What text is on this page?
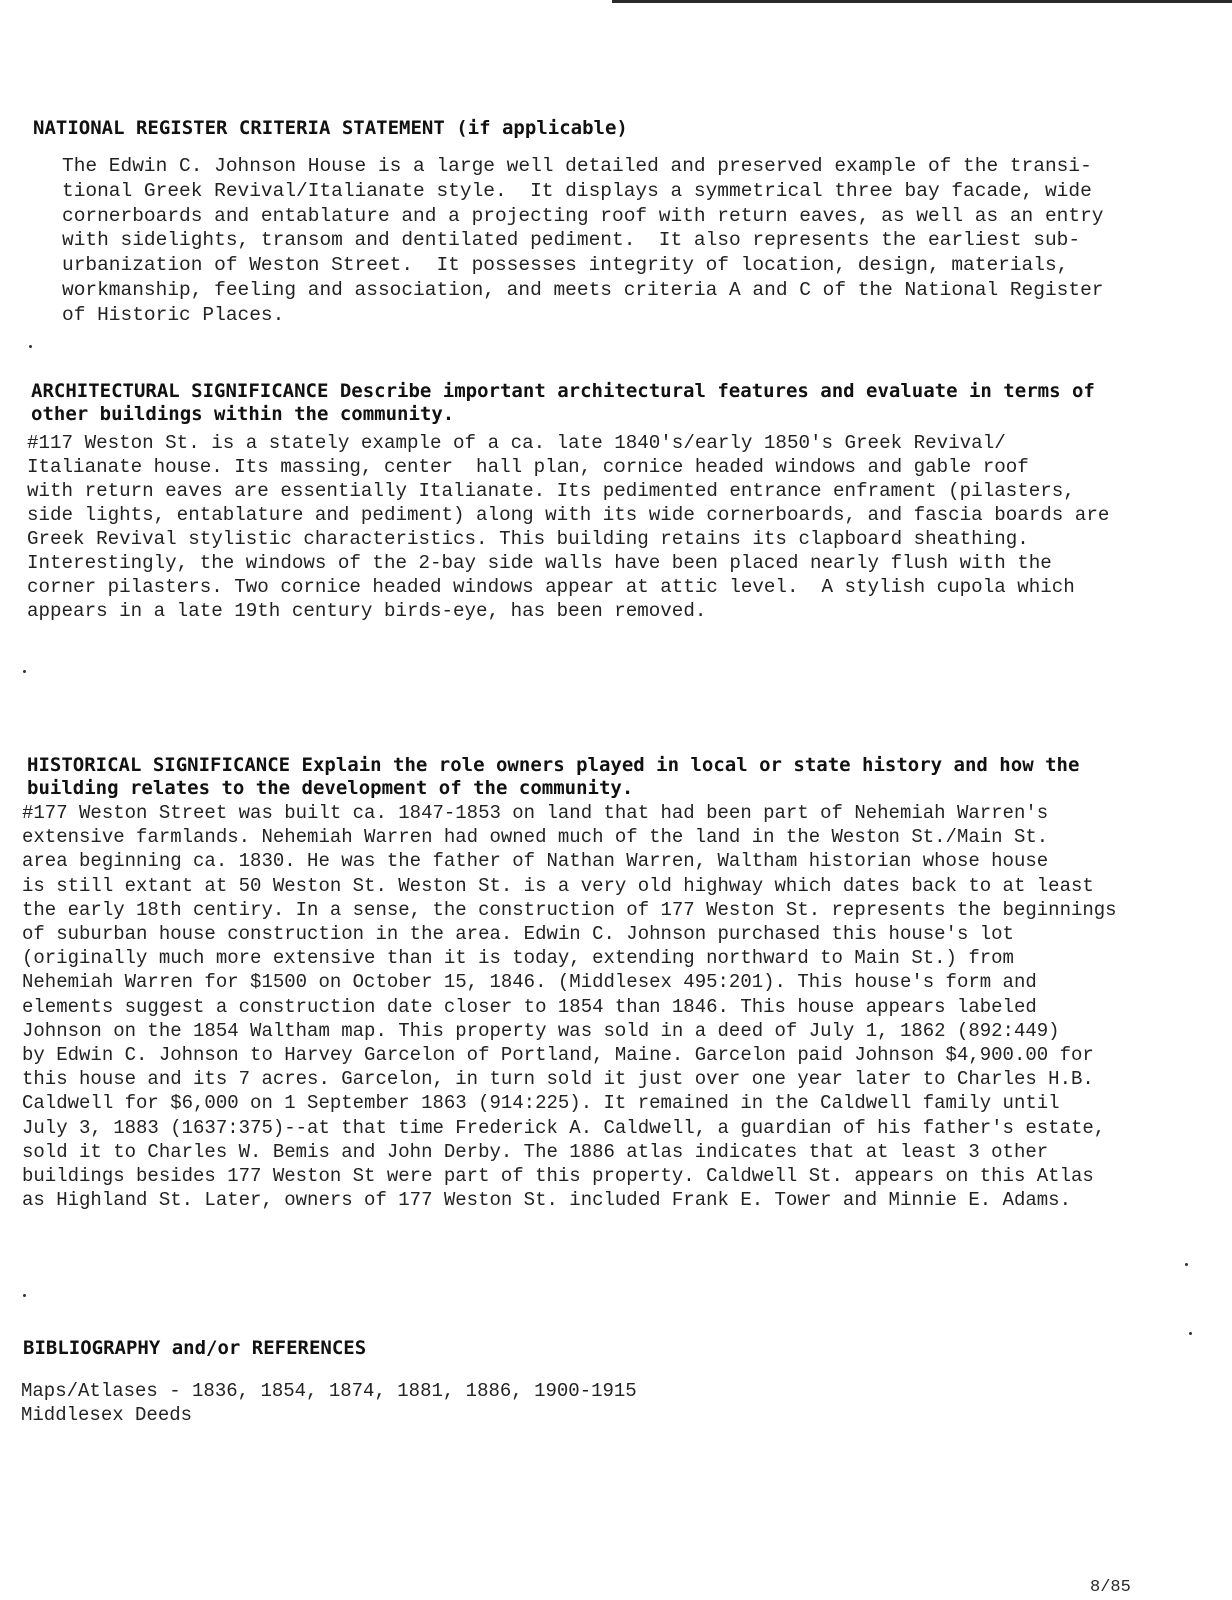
NATIONAL REGISTER CRITERIA STATEMENT (if applicable)
The Edwin C. Johnson House is a large well detailed and preserved example of the transi-
tional Greek Revival/Italianate style.  It displays a symmetrical three bay facade, wide
cornerboards and entablature and a projecting roof with return eaves, as well as an entry
with sidelights, transom and dentilated pediment.  It also represents the earliest sub-
urbanization of Weston Street.  It possesses integrity of location, design, materials,
workmanship, feeling and association, and meets criteria A and C of the National Register
of Historic Places.
ARCHITECTURAL SIGNIFICANCE Describe important architectural features and evaluate in terms of
other buildings within the community.
#117 Weston St. is a stately example of a ca. late 1840's/early 1850's Greek Revival/
Italianate house. Its massing, center  hall plan, cornice headed windows and gable roof
with return eaves are essentially Italianate. Its pedimented entrance enframent (pilasters,
side lights, entablature and pediment) along with its wide cornerboards, and fascia boards are
Greek Revival stylistic characteristics. This building retains its clapboard sheathing.
Interestingly, the windows of the 2-bay side walls have been placed nearly flush with the
corner pilasters. Two cornice headed windows appear at attic level.  A stylish cupola which
appears in a late 19th century birds-eye, has been removed.
HISTORICAL SIGNIFICANCE Explain the role owners played in local or state history and how the
building relates to the development of the community.
#177 Weston Street was built ca. 1847-1853 on land that had been part of Nehemiah Warren's
extensive farmlands. Nehemiah Warren had owned much of the land in the Weston St./Main St.
area beginning ca. 1830. He was the father of Nathan Warren, Waltham historian whose house
is still extant at 50 Weston St. Weston St. is a very old highway which dates back to at least
the early 18th centiry. In a sense, the construction of 177 Weston St. represents the beginnings
of suburban house construction in the area. Edwin C. Johnson purchased this house's lot
(originally much more extensive than it is today, extending northward to Main St.) from
Nehemiah Warren for $1500 on October 15, 1846. (Middlesex 495:201). This house's form and
elements suggest a construction date closer to 1854 than 1846. This house appears labeled
Johnson on the 1854 Waltham map. This property was sold in a deed of July 1, 1862 (892:449)
by Edwin C. Johnson to Harvey Garcelon of Portland, Maine. Garcelon paid Johnson $4,900.00 for
this house and its 7 acres. Garcelon, in turn sold it just over one year later to Charles H.B.
Caldwell for $6,000 on 1 September 1863 (914:225). It remained in the Caldwell family until
July 3, 1883 (1637:375)--at that time Frederick A. Caldwell, a guardian of his father's estate,
sold it to Charles W. Bemis and John Derby. The 1886 atlas indicates that at least 3 other
buildings besides 177 Weston St were part of this property. Caldwell St. appears on this Atlas
as Highland St. Later, owners of 177 Weston St. included Frank E. Tower and Minnie E. Adams.
BIBLIOGRAPHY and/or REFERENCES
Maps/Atlases - 1836, 1854, 1874, 1881, 1886, 1900-1915
Middlesex Deeds
8/85
